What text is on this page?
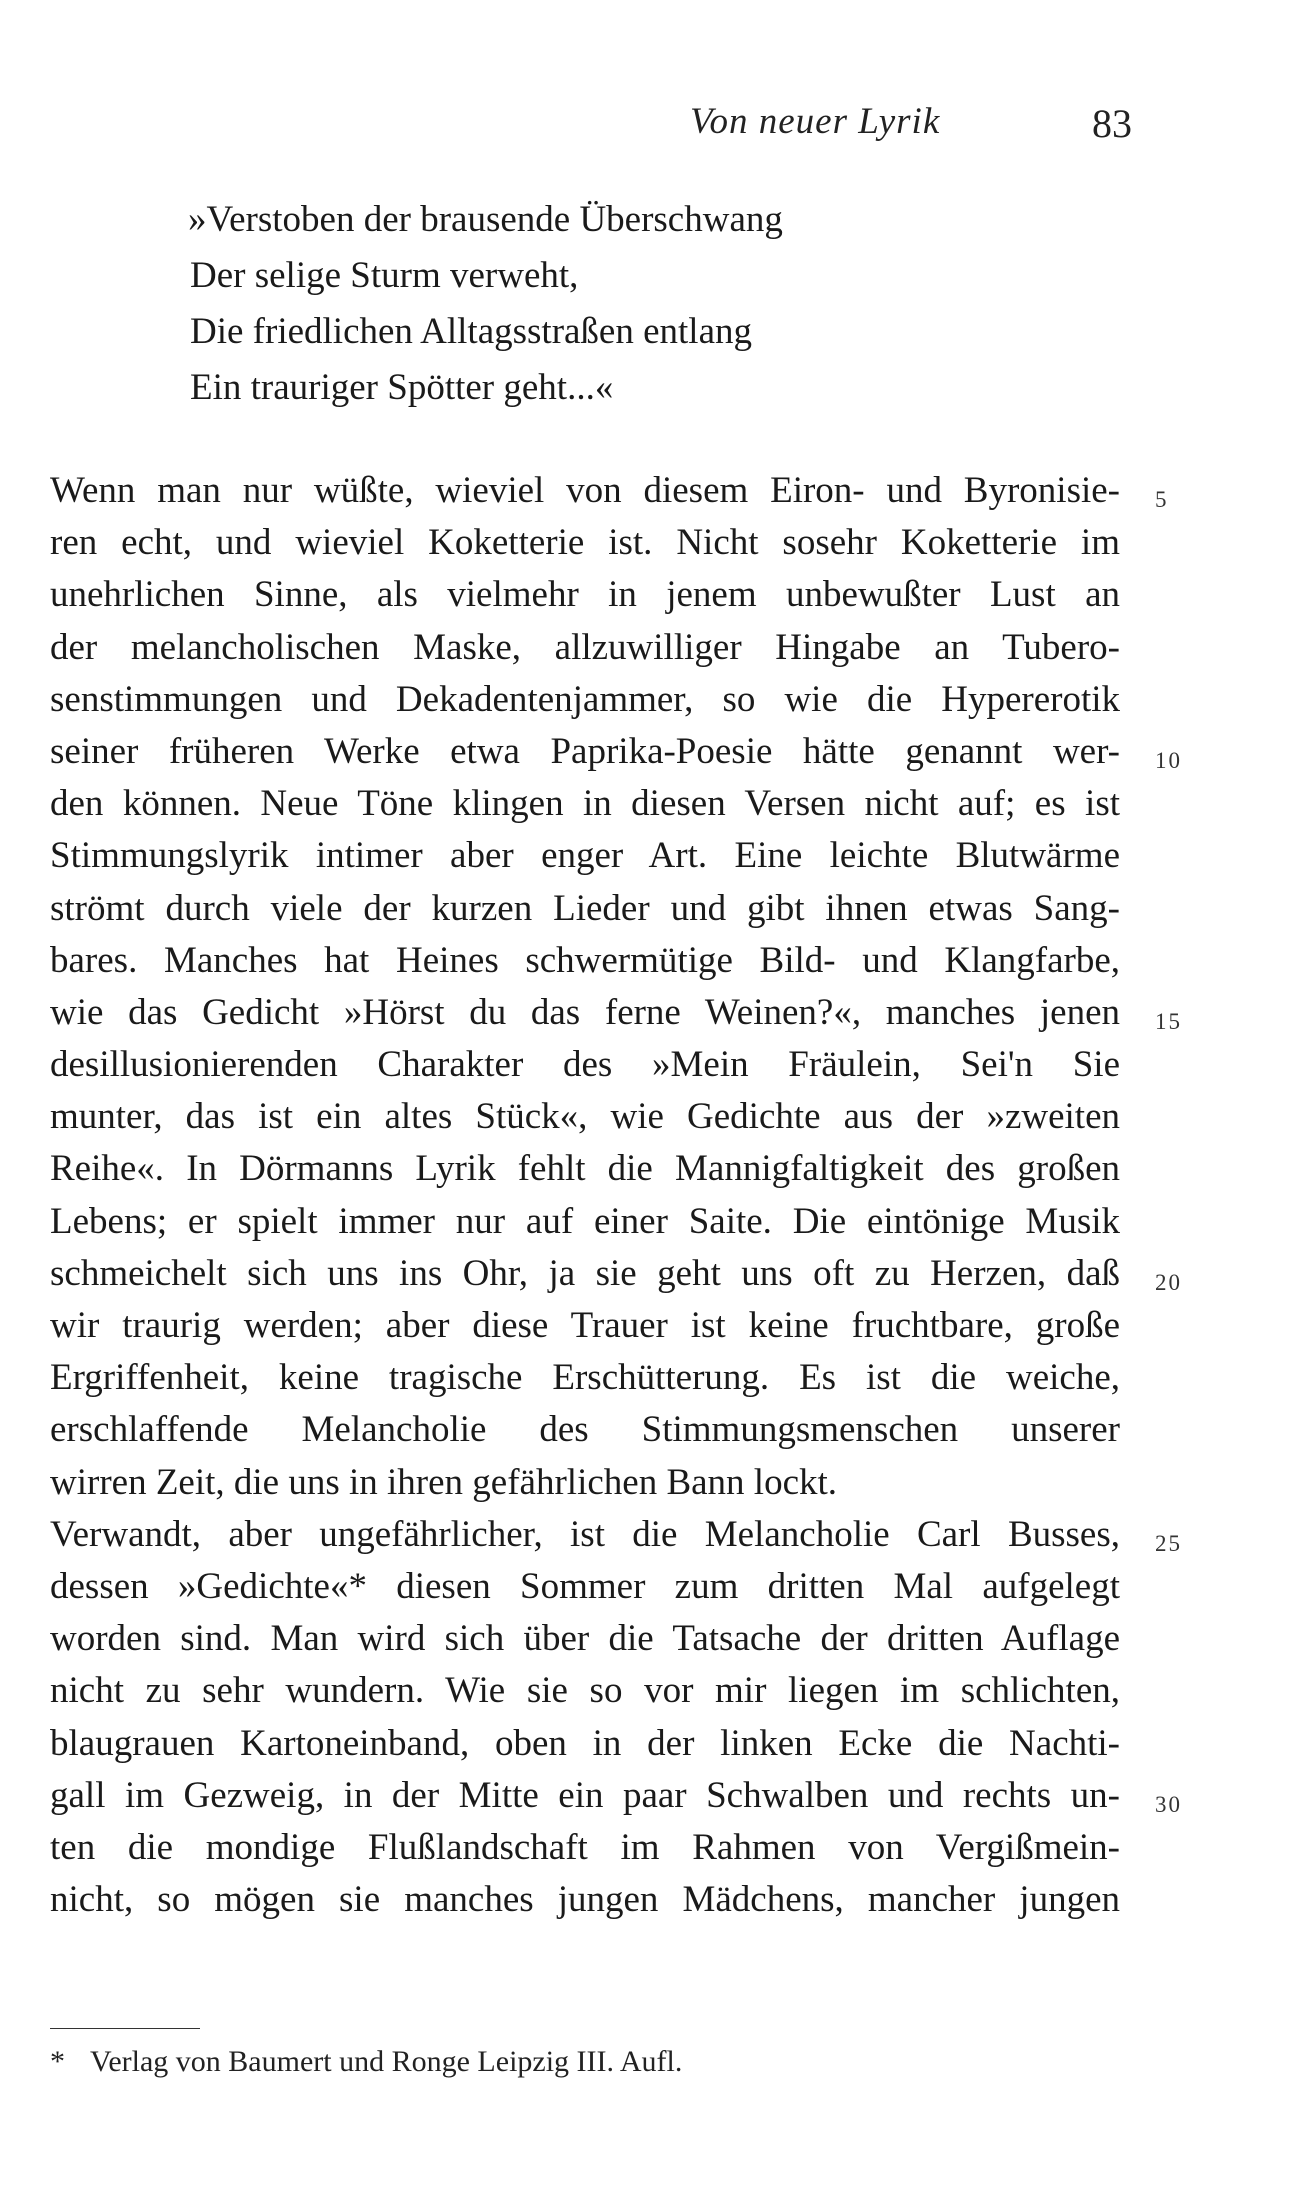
Von neuer Lyrik	83
»Verstoben der brausende Überschwang
Der selige Sturm verweht,
Die friedlichen Alltagsstraßen entlang
Ein trauriger Spötter geht...«
Wenn man nur wüßte, wieviel von diesem Eiron- und Byronisie-
ren echt, und wieviel Koketterie ist. Nicht sosehr Koketterie im
unehrlichen Sinne, als vielmehr in jenem unbewußter Lust an
der melancholischen Maske, allzuwilliger Hingabe an Tubero-
senstimmungen und Dekadentenjammer, so wie die Hypererotik
seiner früheren Werke etwa Paprika-Poesie hätte genannt wer-
den können. Neue Töne klingen in diesen Versen nicht auf; es ist
Stimmungslyrik intimer aber enger Art. Eine leichte Blutwärme
strömt durch viele der kurzen Lieder und gibt ihnen etwas Sang-
bares. Manches hat Heines schwermütige Bild- und Klangfarbe,
wie das Gedicht »Hörst du das ferne Weinen?«, manches jenen
desillusionierenden Charakter des »Mein Fräulein, Sei'n Sie
munter, das ist ein altes Stück«, wie Gedichte aus der »zweiten
Reihe«. In Dörmanns Lyrik fehlt die Mannigfaltigkeit des großen
Lebens; er spielt immer nur auf einer Saite. Die eintönige Musik
schmeichelt sich uns ins Ohr, ja sie geht uns oft zu Herzen, daß
wir traurig werden; aber diese Trauer ist keine fruchtbare, große
Ergriffenheit, keine tragische Erschütterung. Es ist die weiche,
erschlaffende Melancholie des Stimmungsmenschen unserer
wirren Zeit, die uns in ihren gefährlichen Bann lockt.
Verwandt, aber ungefährlicher, ist die Melancholie Carl Busses,
dessen »Gedichte«* diesen Sommer zum dritten Mal aufgelegt
worden sind. Man wird sich über die Tatsache der dritten Auflage
nicht zu sehr wundern. Wie sie so vor mir liegen im schlichten,
blaugrauen Kartoneinband, oben in der linken Ecke die Nachti-
gall im Gezweig, in der Mitte ein paar Schwalben und rechts un-
ten die mondige Flußlandschaft im Rahmen von Vergißmein-
nicht, so mögen sie manches jungen Mädchens, mancher jungen
5
10
15
20
25
30
* Verlag von Baumert und Ronge Leipzig III. Aufl.
